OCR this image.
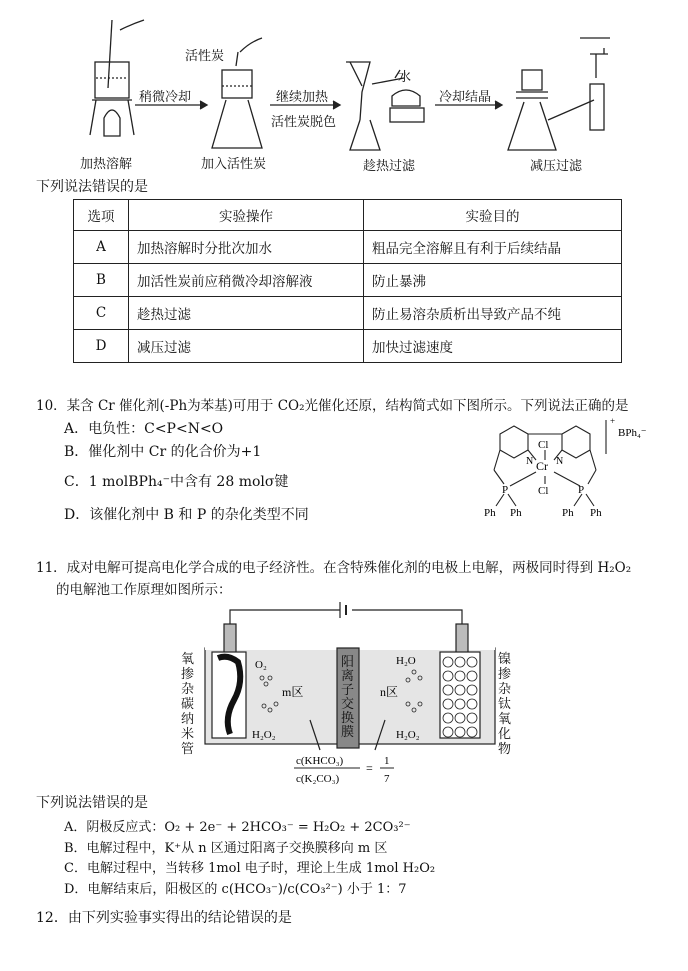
活性炭
水
稍微冷却	继续加热
活性炭脱色
冷却结晶
加热溶解	加入活性炭	趁热过滤	减压过滤
下列说法错误的是
选项	实验操作	实验目的
A	加热溶解时分批次加水	粗品完全溶解且有利于后续结晶
B	加活性炭前应稍微冷却溶解液	防止暴沸
C	趁热过滤	防止易溶杂质析出导致产品不纯
D	减压过滤	加快过滤速度
10．某含 Cr 催化剂(-Ph为苯基)可用于 CO₂光催化还原，结构简式如下图所示。下列说法正确的是
A．电负性：C<P<N<O
B．催化剂中 Cr 的化合价为+1
C．1 molBPh₄⁻中含有 28 molσ键
D．该催化剂中 B 和 P 的杂化类型不同
Cr
Cl
Cl
N N
P	P
Ph Ph	Ph Ph
+
BPh₄⁻
11．成对电解可提高电化学合成的电子经济性。在含特殊催化剂的电极上电解，两极同时得到 H₂O₂
的电解池工作原理如图所示：
O₂
H₂O₂
H₂O
H₂O₂
m区	n区
c(KHCO₃)
c(K₂CO₃)
= 1
7
氧掺杂碳纳米管
镍掺杂钛氧化物
阳离子交换膜
下列说法错误的是
A．阴极反应式：O₂ + 2e⁻ + 2HCO₃⁻ = H₂O₂ + 2CO₃²⁻
B．电解过程中，K⁺从 n 区通过阳离子交换膜移向 m 区
C．电解过程中，当转移 1mol 电子时，理论上生成 1mol H₂O₂
D．电解结束后，阳极区的 c(HCO₃⁻)/c(CO₃²⁻) 小于 1：7
12．由下列实验事实得出的结论错误的是
